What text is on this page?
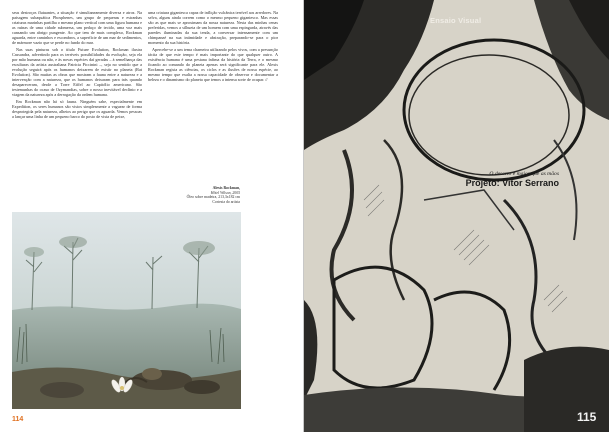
seus destroços flutuantes, a situação é simultaneamente diversa e atroz. Na paisagem subaquática Phosphenes, um grupo de pequenas e estranhas criaturas marinhas partilha o mesmo plano vertical com uma figura humana e as ruínas de uma cidade submersa, um pedaço de tecido, uma voz mais cansando um abrigo pungente. Ao que tem de mais complexo, Rockman aguarda, entre caminhos e escombros, a superfície de um mar de sedimentos, de mármore vazio que se perde no fundo do mar.

Nas suas pinturas sob o título Future Evolution, Rockman ilustra Cassandra, advertindo para os terríveis possibilidades da evolução, seja ela por mão humana ou não, e às novas espécies daí geradas – à semelhança das esculturas da artista australiana Patricia Piccinini –, seja no sentido que a evolução seguirá após os humanos deixarem de existir no planeta (Rat Evolution). São muitas as obras que mostram a fauna entre a natureza e a intervenção com a natureza, que os humanos deixaram para trás quando desapareceram, desde a Torre Eiffel ao Capitólio americano. São testemunhas do ocaso de Ozymandias, sobre o nosso inevitável declínio e a viagem da natureza após a derrogação da ordem humana.

Em Rockman não há só fauna. Ninguém sabe, especialmente em Expedition, os seres humanos são vistos simplesmente a vaguear de forma desprotegida pela natureza, alheios ao perigo que os aguarda. Vemos pessoas a lançar uma linha de um pequeno barco do posto de vista de peixe,

uma criatura gigantesca capaz de inflição vulcânica terrível aos arredores. Na selva, alguns ainda correm como o mesmo pequeno gigantesco. Mas essas são as que mais se aproximam da nossa natureza. Nesta das minhas cenas preferidas, vemos a silhueta de um homem com uma espingarda, através das paredes iluminadas da sua tenda, a conversar intensamente com um chimpanzé na sua intimidade e abstração, preparando-se para o pior momento da sua história.

Apercebe-se a um tema charneira utilizando pelos vivos, com a presunção tácita de que este tempo é mais importante do que qualquer outro. A existência humana é uma pestana ínfima da história da Terra, e o mesmo ficando ao comando do planeta apenas será significante para ele. Alexis Rockman regista as ciências, os ciclos e as ilusões de nossa espécie, ao mesmo tempo que exalta a nossa capacidade de observar e documentar a beleza e o dinamismo do planeta que temos a intensa sorte de ocupar. //

Alexis Rockman,
Hôtel Wilson, 2005
Óleo sobre madeira, 213,3x182 cm
Cortesia do artista
114
Ensaio Visual
O deserto é maior que as mãos
Projeto: Vitor Serrano
115
